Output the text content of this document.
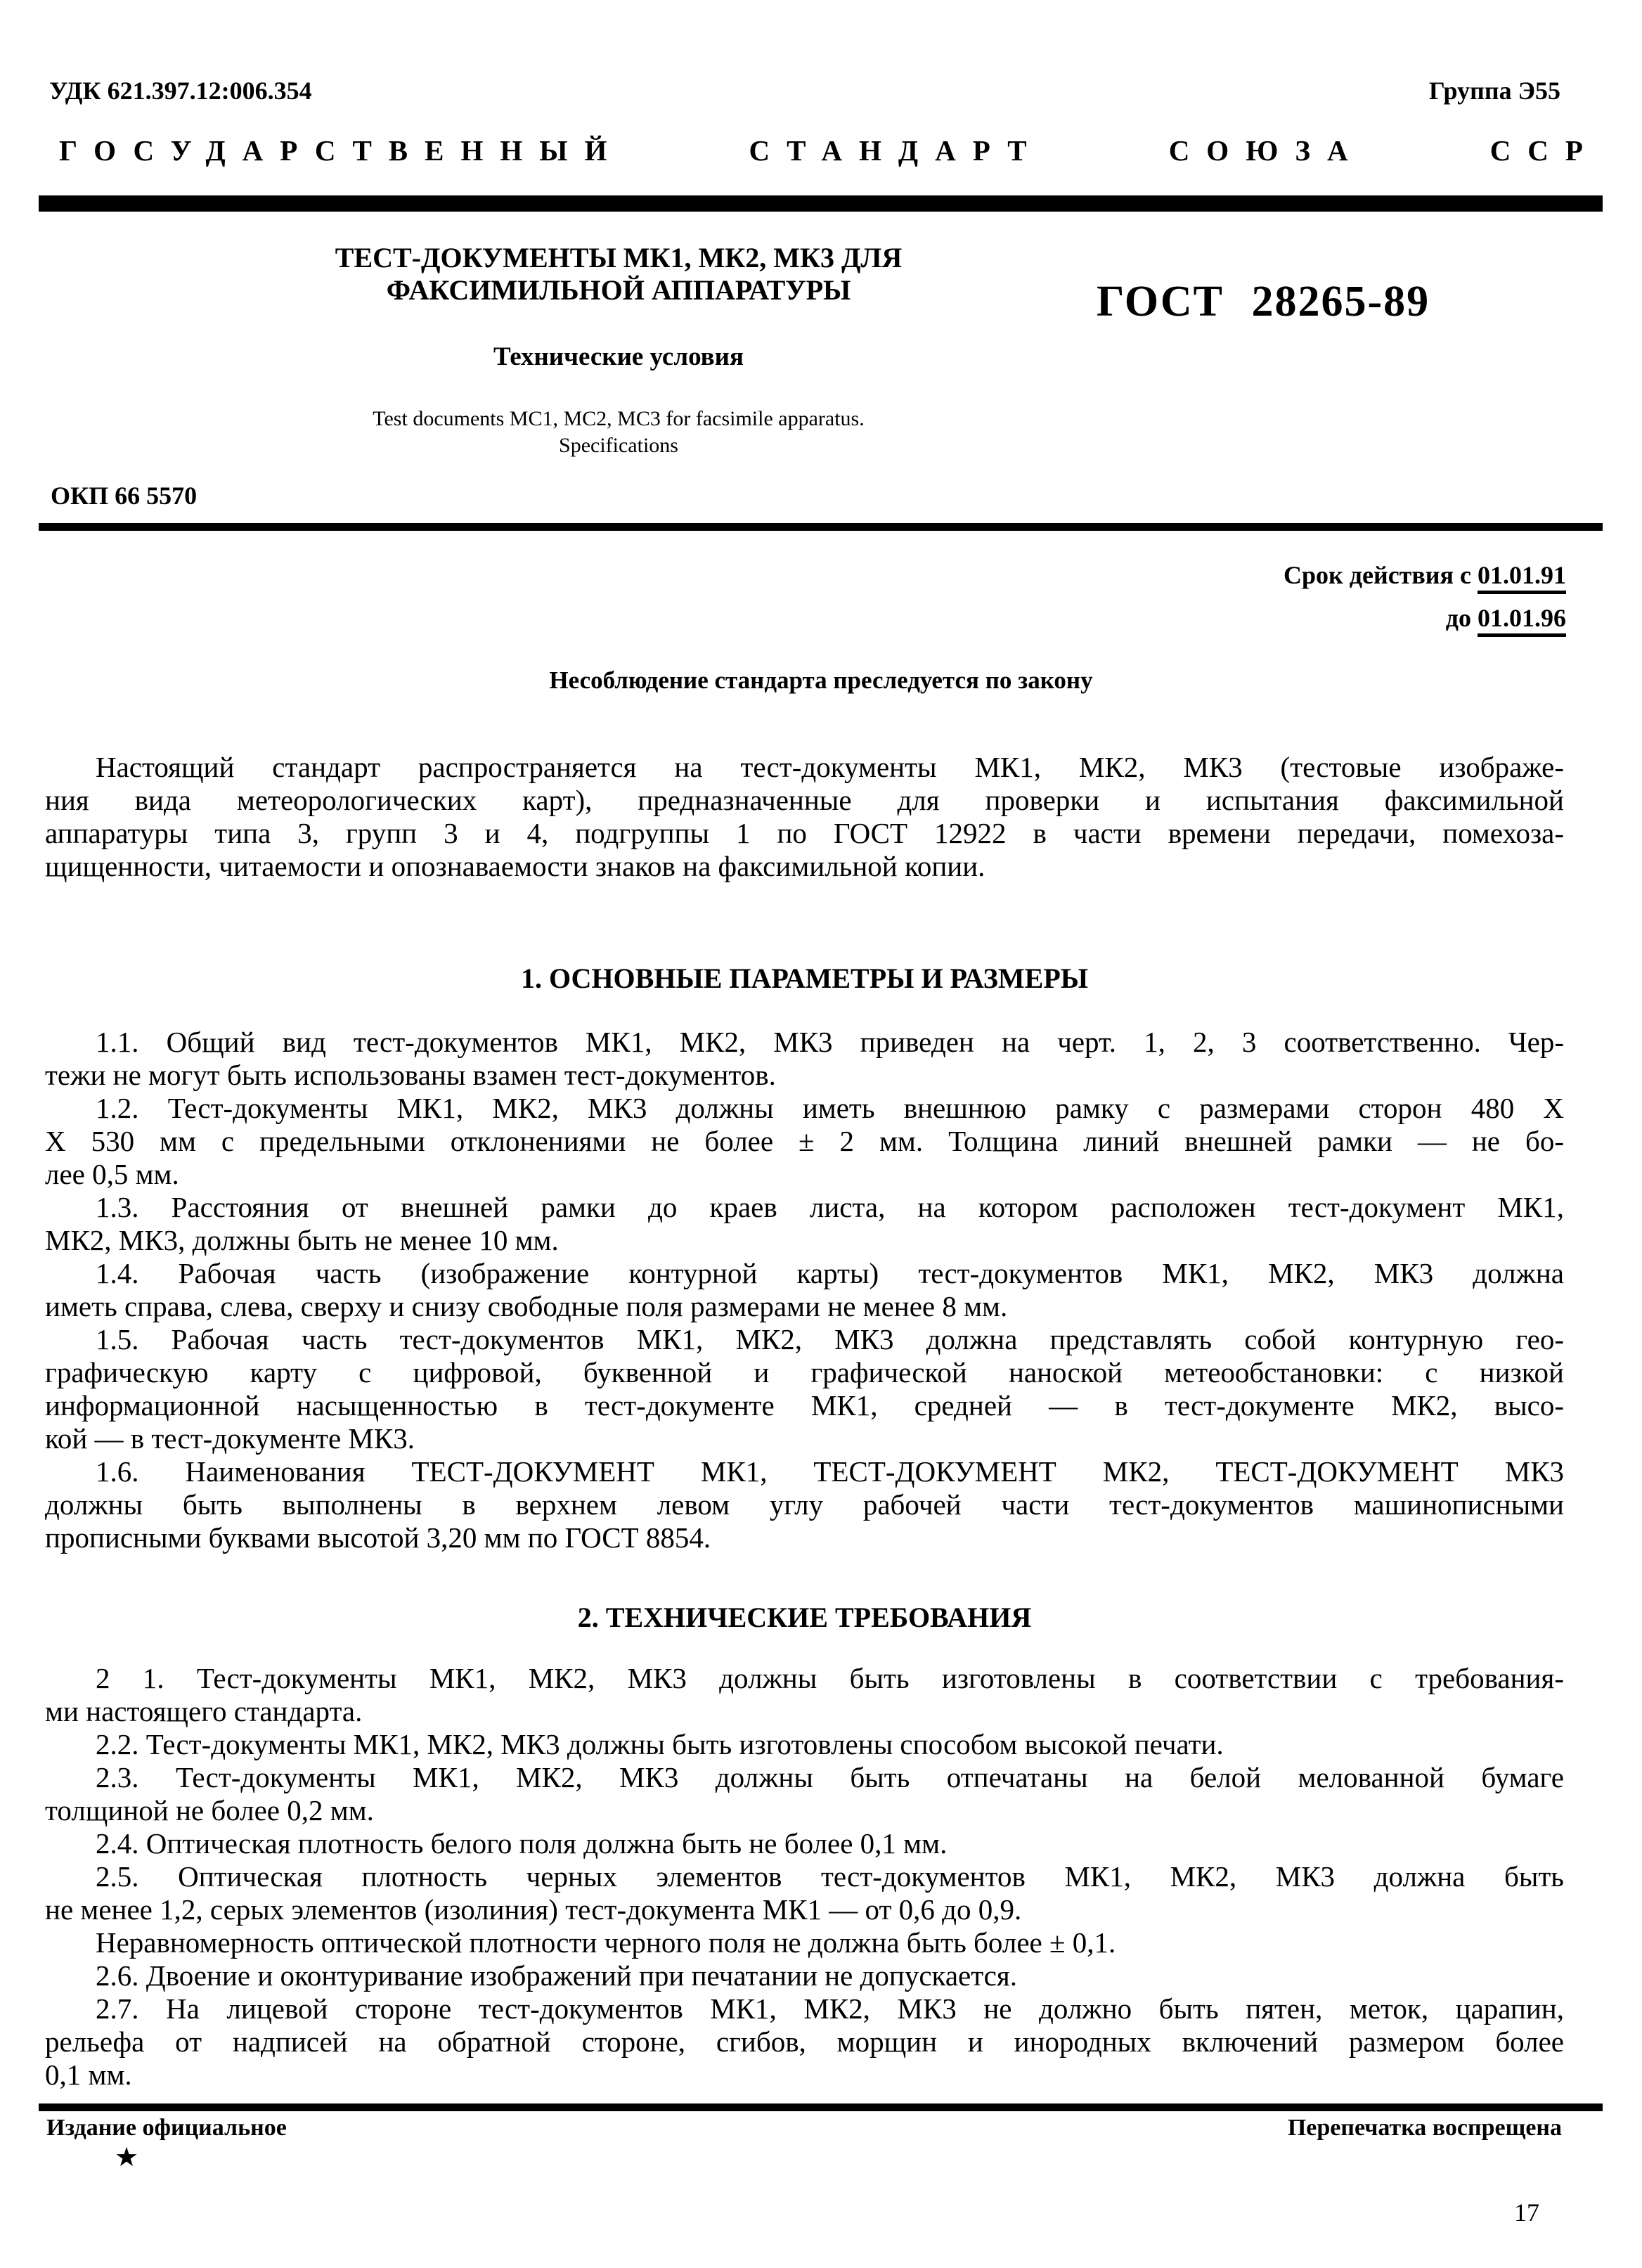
УДК 621.397.12:006.354	Группа Э55
ГОСУДАРСТВЕННЫЙ	СТАНДАРТ	СОЮЗА	ССР
ТЕСТ-ДОКУМЕНТЫ МК1, МК2, МК3 ДЛЯ
ФАКСИМИЛЬНОЙ АППАРАТУРЫ
Технические условия
Test documents MC1, MC2, MC3 for facsimile apparatus.
Specifications
ГОСТ 28265-89
ОКП 66 5570
Срок действия с 01.01.91
до 01.01.96
Несоблюдение стандарта преследуется по закону

Настоящий стандарт распространяется на тест-документы МК1, МК2, МК3 (тестовые изображе-
ния вида метеорологических карт), предназначенные для проверки и испытания факсимильной
аппаратуры типа 3, групп 3 и 4, подгруппы 1 по ГОСТ 12922 в части времени передачи, помехоза-
щищенности, читаемости и опознаваемости знаков на факсимильной копии.

1. ОСНОВНЫЕ ПАРАМЕТРЫ И РАЗМЕРЫ

1.1. Общий вид тест-документов МК1, МК2, МК3 приведен на черт. 1, 2, 3 соответственно. Чер-
тежи не могут быть использованы взамен тест-документов.

1.2. Тест-документы МК1, МК2, МК3 должны иметь внешнюю рамку с размерами сторон 480 Х
Х 530 мм с предельными отклонениями не более ± 2 мм. Толщина линий внешней рамки — не бо-
лее 0,5 мм.

1.3. Расстояния от внешней рамки до краев листа, на котором расположен тест-документ МК1,
МК2, МК3, должны быть не менее 10 мм.

1.4. Рабочая часть (изображение контурной карты) тест-документов МК1, МК2, МК3 должна
иметь справа, слева, сверху и снизу свободные поля размерами не менее 8 мм.

1.5. Рабочая часть тест-документов МК1, МК2, МК3 должна представлять собой контурную гео-
графическую карту с цифровой, буквенной и графической наноской метеообстановки: с низкой
информационной насыщенностью в тест-документе МК1, средней — в тест-документе МК2, высо-
кой — в тест-документе МК3.

1.6. Наименования ТЕСТ-ДОКУМЕНТ МК1, ТЕСТ-ДОКУМЕНТ МК2, ТЕСТ-ДОКУМЕНТ МК3
должны быть выполнены в верхнем левом углу рабочей части тест-документов машинописными
прописными буквами высотой 3,20 мм по ГОСТ 8854.

2. ТЕХНИЧЕСКИЕ ТРЕБОВАНИЯ

2 1. Тест-документы МК1, МК2, МК3 должны быть изготовлены в соответствии с требования-
ми настоящего стандарта.

2.2. Тест-документы МК1, МК2, МК3 должны быть изготовлены способом высокой печати.

2.3. Тест-документы МК1, МК2, МК3 должны быть отпечатаны на белой мелованной бумаге
толщиной не более 0,2 мм.

2.4. Оптическая плотность белого поля должна быть не более 0,1 мм.

2.5. Оптическая плотность черных элементов тест-документов МК1, МК2, МК3 должна быть
не менее 1,2, серых элементов (изолиния) тест-документа МК1 — от 0,6 до 0,9.

Неравномерность оптической плотности черного поля не должна быть более ± 0,1.

2.6. Двоение и оконтуривание изображений при печатании не допускается.

2.7. На лицевой стороне тест-документов МК1, МК2, МК3 не должно быть пятен, меток, царапин,
рельефа от надписей на обратной стороне, сгибов, морщин и инородных включений размером более
0,1 мм.

Издание официальное	Перепечатка воспрещена
★
17
